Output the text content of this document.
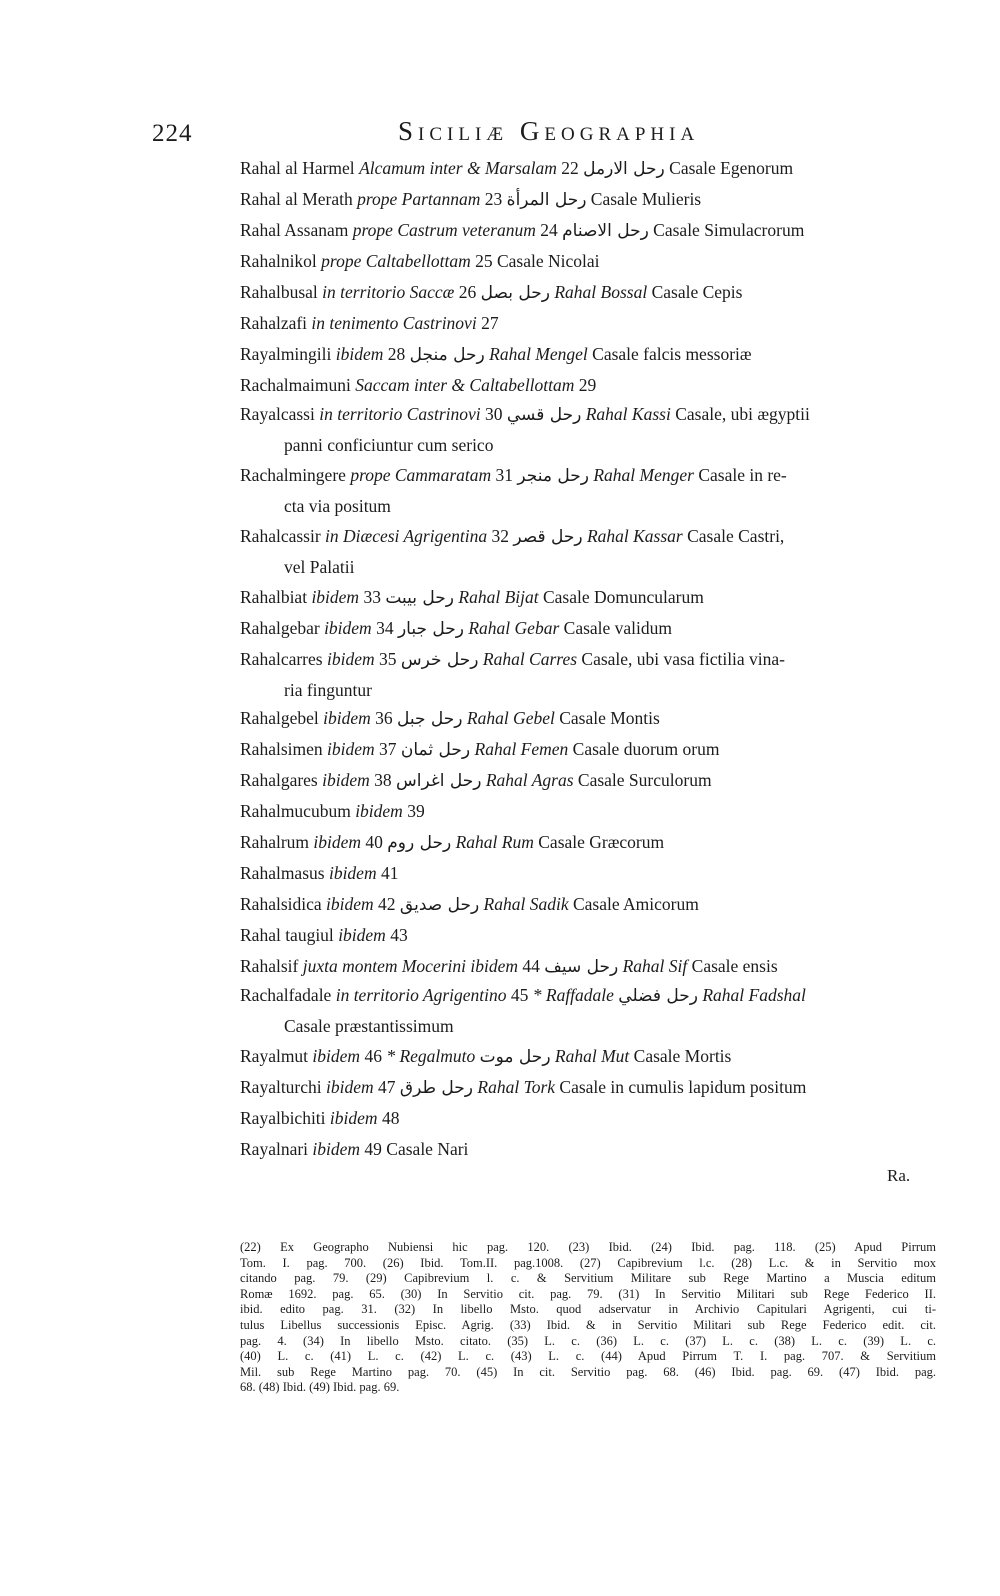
224	Siciliæ Geographia
Rahal al Harmel Alcamum inter & Marsalam 22 رحل الارمل Casale Egenorum
Rahal al Merath prope Partannam 23 رحل المرأة Casale Mulieris
Rahal Assanam prope Castrum veteranum 24 رحل الاصنام Casale Simulacrorum
Rahalnikol prope Caltabellottam 25 Casale Nicolai
Rahalbusal in territorio Saccæ 26 رحل بصل Rahal Bossal Casale Cepis
Rahalzafi in tenimento Castrinovi 27
Rayalmingili ibidem 28 رحل منجل Rahal Mengel Casale falcis messoriæ
Rachalmaimuni Saccam inter & Caltabellottam 29
Rayalcassi in territorio Castrinovi 30 رحل قسي Rahal Kassi Casale, ubi ægyptii
panni conficiuntur cum serico
Rachalmingere prope Cammaratam 31 رحل منجر Rahal Menger Casale in re-
cta via positum
Rahalcassir in Diæcesi Agrigentina 32 رحل قصر Rahal Kassar Casale Castri,
vel Palatii
Rahalbiat ibidem 33 رحل بيبت Rahal Bijat Casale Domuncularum
Rahalgebar ibidem 34 رحل جبار Rahal Gebar Casale validum
Rahalcarres ibidem 35 رحل خرس Rahal Carres Casale, ubi vasa fictilia vina-
ria finguntur
Rahalgebel ibidem 36 رحل جبل Rahal Gebel Casale Montis
Rahalsimen ibidem 37 رحل ثمان Rahal Femen Casale duorum orum
Rahalgares ibidem 38 رحل اغراس Rahal Agras Casale Surculorum
Rahalmucubum ibidem 39
Rahalrum ibidem 40 رحل روم Rahal Rum Casale Græcorum
Rahalmasus ibidem 41
Rahalsidica ibidem 42 رحل صديق Rahal Sadik Casale Amicorum
Rahal taugiul ibidem 43
Rahalsif juxta montem Mocerini ibidem 44 رحل سيف Rahal Sif Casale ensis
Rachalfadale in territorio Agrigentino 45 * Raffadale رحل فضلي Rahal Fadshal
Casale præstantissimum
Rayalmut ibidem 46 * Regalmuto رحل موت Rahal Mut Casale Mortis
Rayalturchi ibidem 47 رحل طرق Rahal Tork Casale in cumulis lapidum positum
Rayalbichiti ibidem 48
Rayalnari ibidem 49 Casale Nari
Ra.
(22) Ex Geographo Nubiensi hic pag. 120. (23) Ibid. (24) Ibid. pag. 118. (25) Apud Pirrum
Tom. I. pag. 700. (26) Ibid. Tom.II. pag.1008. (27) Capibrevium l.c. (28) L.c. & in Servitio mox
citando pag. 79. (29) Capibrevium l. c. & Servitium Militare sub Rege Martino a Muscia editum
Romæ 1692. pag. 65. (30) In Servitio cit. pag. 79. (31) In Servitio Militari sub Rege Federico II.
ibid. edito pag. 31. (32) In libello Msto. quod adservatur in Archivio Capitulari Agrigenti, cui ti-
tulus Libellus successionis Episc. Agrig. (33) Ibid. & in Servitio Militari sub Rege Federico edit. cit.
pag. 4. (34) In libello Msto. citato. (35) L. c. (36) L. c. (37) L. c. (38) L. c. (39) L. c.
(40) L. c. (41) L. c. (42) L. c. (43) L. c. (44) Apud Pirrum T. I. pag. 707. & Servitium
Mil. sub Rege Martino pag. 70. (45) In cit. Servitio pag. 68. (46) Ibid. pag. 69. (47) Ibid. pag.
68. (48) Ibid. (49) Ibid. pag. 69.
